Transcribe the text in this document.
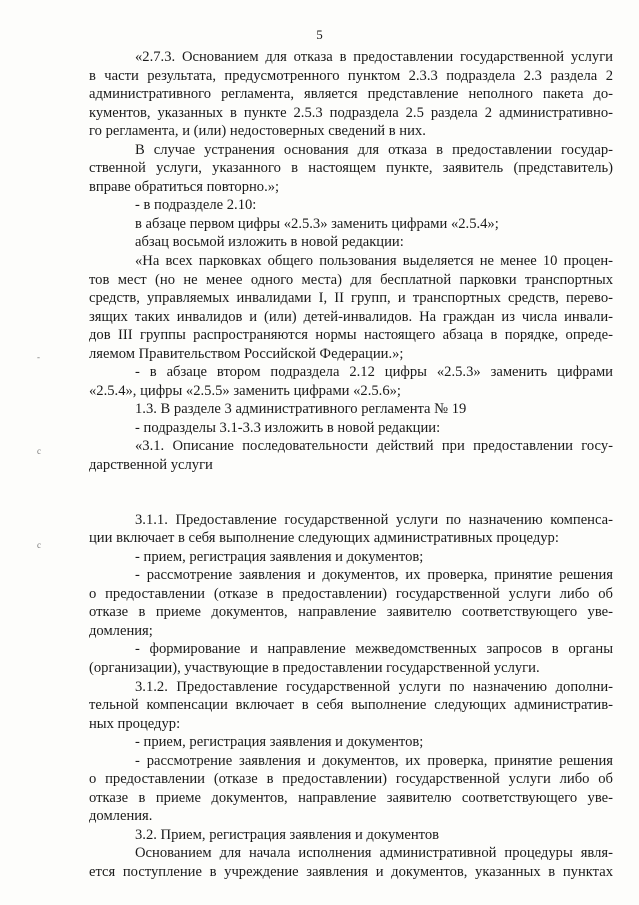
5
-
c
c

«2.7.3. Основанием для отказа в предоставлении государственной услуги

в части результата, предусмотренного пунктом 2.3.3 подраздела 2.3 раздела 2

административного регламента, является представление неполного пакета до-

кументов, указанных в пункте 2.5.3 подраздела 2.5 раздела 2 административно-

го регламента, и (или) недостоверных сведений в них.

В случае устранения основания для отказа в предоставлении государ-

ственной услуги, указанного в настоящем пункте, заявитель (представитель)

вправе обратиться повторно.»;

- в подразделе 2.10:

в абзаце первом цифры «2.5.3» заменить цифрами «2.5.4»;

абзац восьмой изложить в новой редакции:

«На всех парковках общего пользования выделяется не менее 10 процен-

тов мест (но не менее одного места) для бесплатной парковки транспортных

средств, управляемых инвалидами I, II групп, и транспортных средств, перево-

зящих таких инвалидов и (или) детей-инвалидов. На граждан из числа инвали-

дов III группы распространяются нормы настоящего абзаца в порядке, опреде-

ляемом Правительством Российской Федерации.»;

- в абзаце втором подраздела 2.12 цифры «2.5.3» заменить цифрами

«2.5.4», цифры «2.5.5» заменить цифрами «2.5.6»;

1.3. В разделе 3 административного регламента № 19

- подразделы 3.1-3.3 изложить в новой редакции:

«3.1. Описание последовательности действий при предоставлении госу-

дарственной услуги

3.1.1. Предоставление государственной услуги по назначению компенса-

ции включает в себя выполнение следующих административных процедур:

- прием, регистрация заявления и документов;

- рассмотрение заявления и документов, их проверка, принятие решения

о предоставлении (отказе в предоставлении) государственной услуги либо об

отказе в приеме документов, направление заявителю соответствующего уве-

домления;

- формирование и направление межведомственных запросов в органы

(организации), участвующие в предоставлении государственной услуги.

3.1.2. Предоставление государственной услуги по назначению дополни-

тельной компенсации включает в себя выполнение следующих административ-

ных процедур:

- прием, регистрация заявления и документов;

- рассмотрение заявления и документов, их проверка, принятие решения

о предоставлении (отказе в предоставлении) государственной услуги либо об

отказе в приеме документов, направление заявителю соответствующего уве-

домления.

3.2. Прием, регистрация заявления и документов

Основанием для начала исполнения административной процедуры явля-

ется поступление в учреждение заявления и документов, указанных в пунктах
